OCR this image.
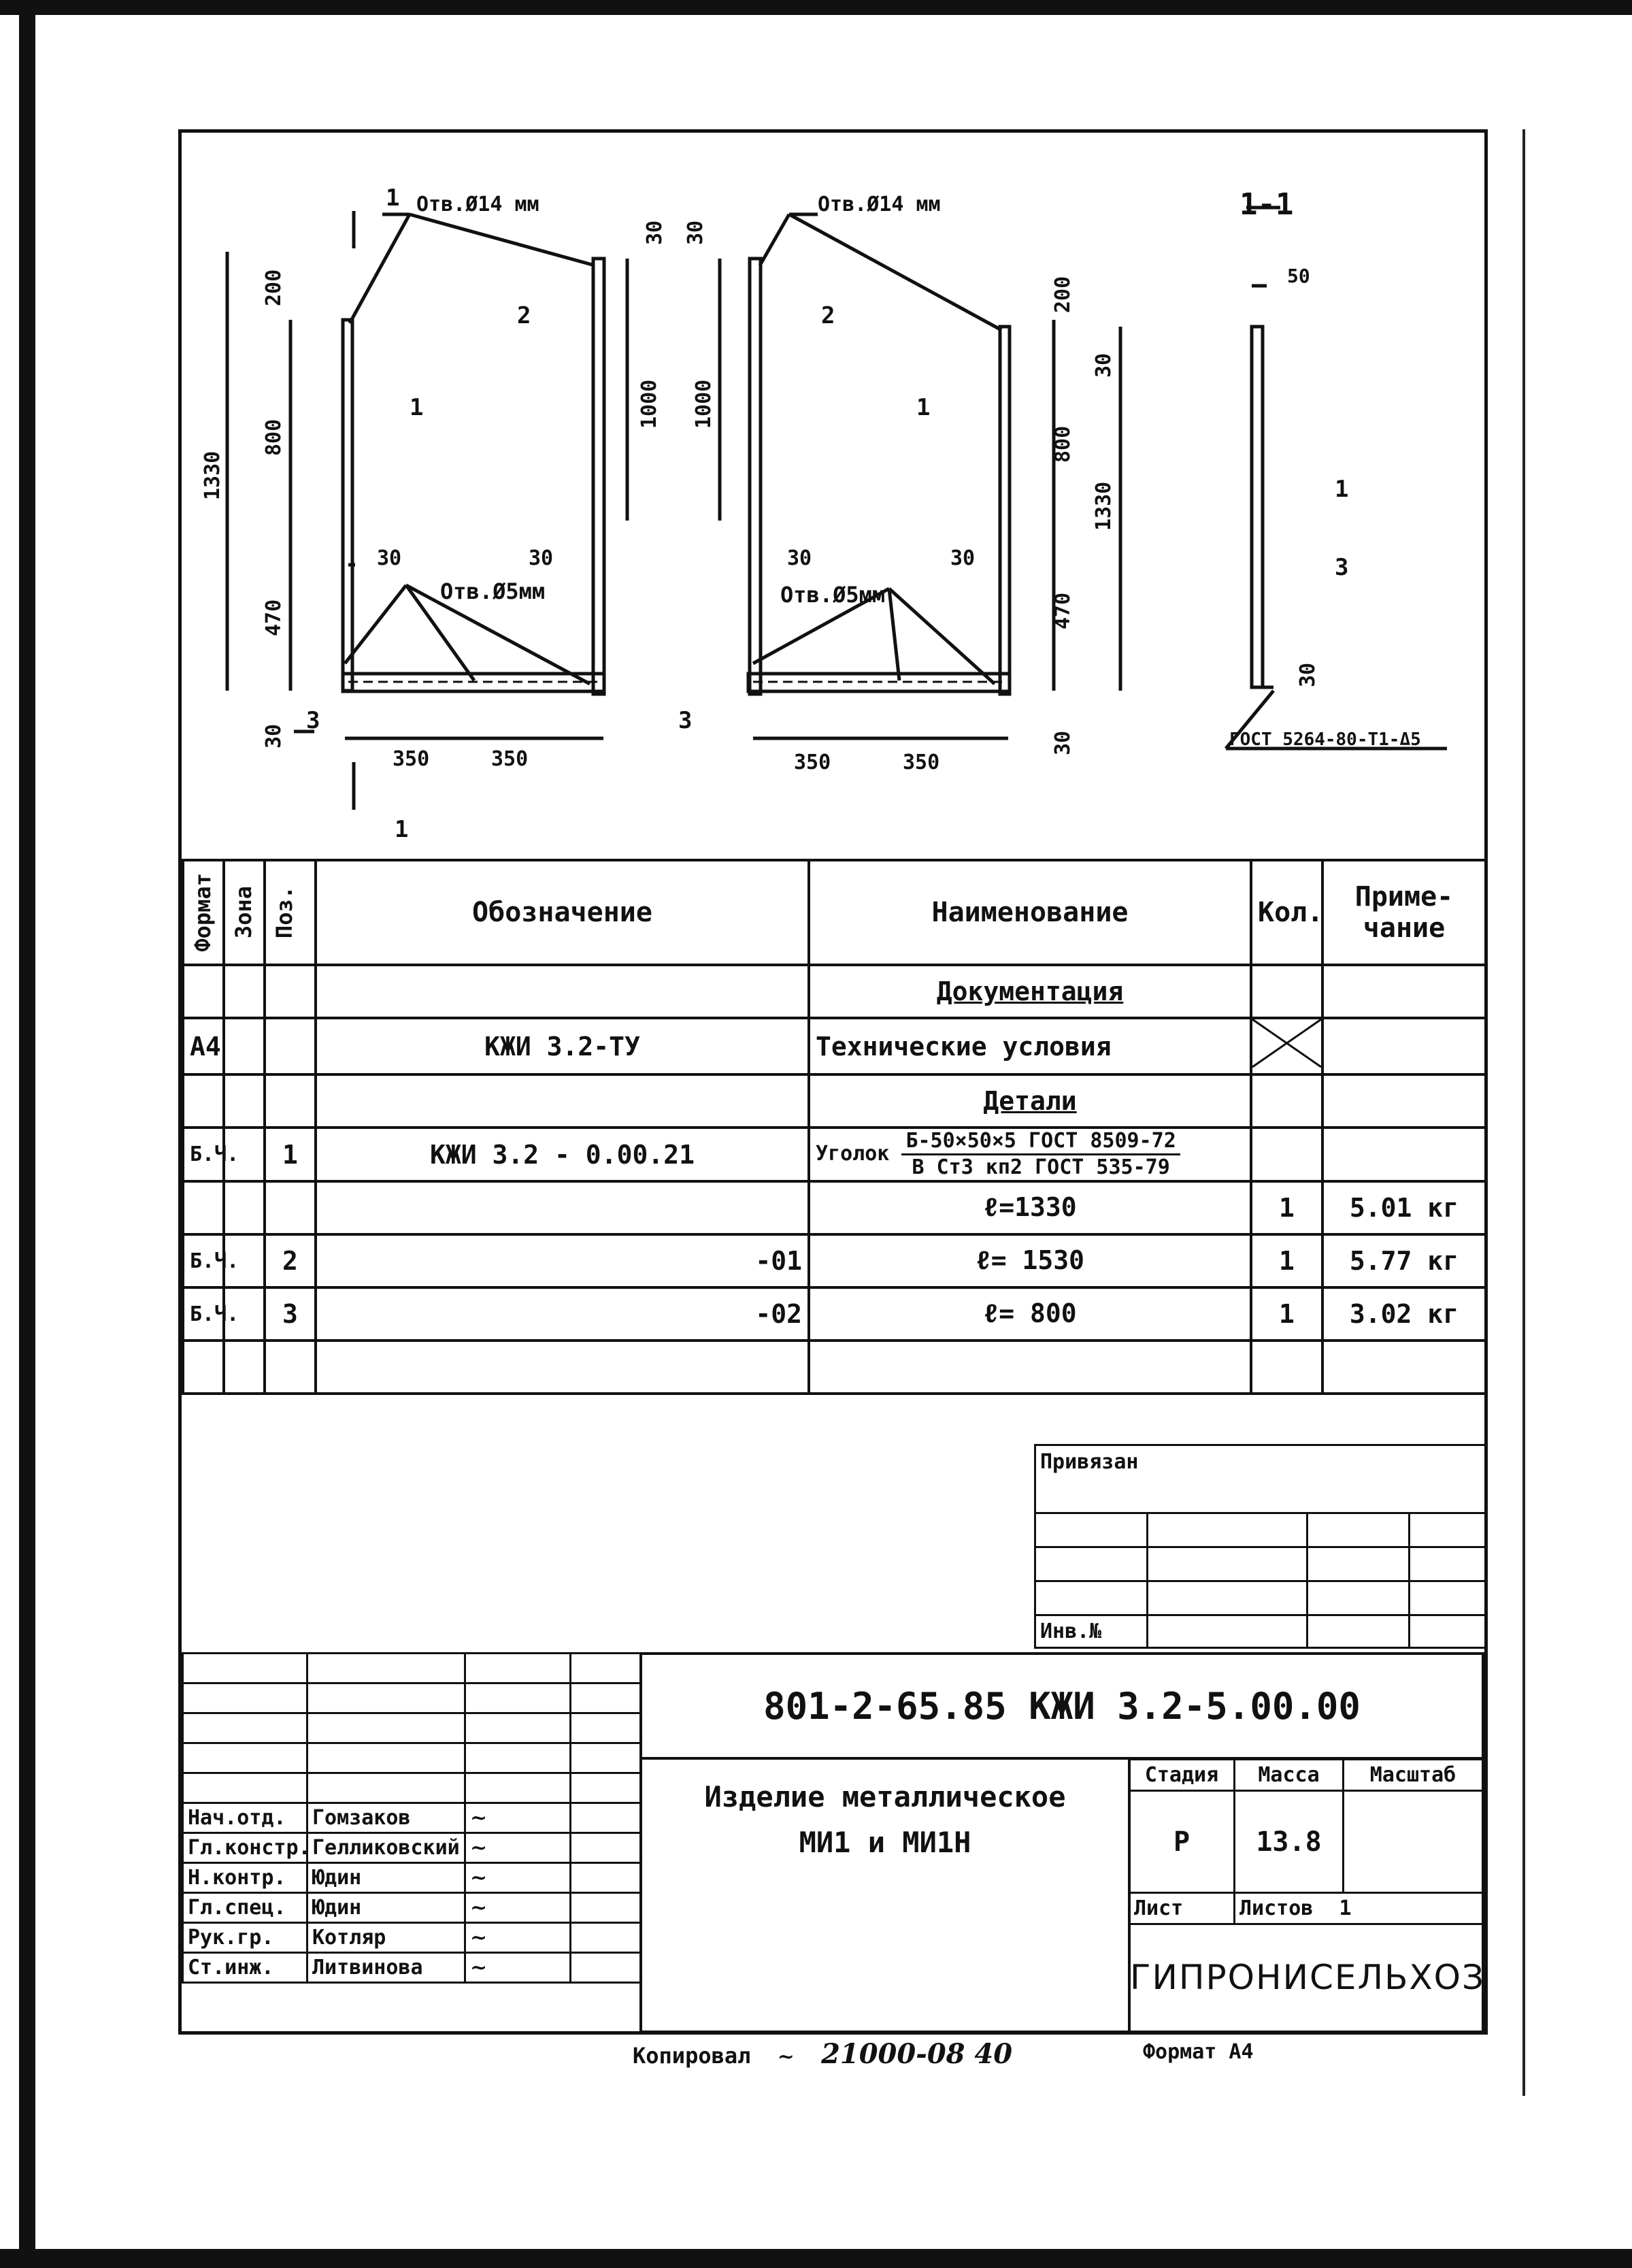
Отв.Ø14 мм	Отв.Ø14 мм
Отв.Ø5мм	Отв.Ø5мм
1-1
1
1
ГОСТ 5264-80-Т1-Δ5
2
1
3
2
1
3
1
3
50
350	350	350	350
30	30	30	30
1330
200
800
470
30
1000 1000
30 30
200
800
470
30
1330
30
30
Формат	Зона	Поз.	Обозначение	Наименование	Кол.	Приме-
чание
				Документация		
А4			КЖИ 3.2-ТУ	Технические условия		
				Детали		
Б.Ч.		1	КЖИ 3.2 - 0.00.21	Уголок $\frac{\text{Б-50×50×5 ГОСТ 8509-72}}{\text{В Ст3 кп2 ГОСТ 535-79}}$

				ℓ=1330	1	5.01 кг
Б.Ч.		2	-01	ℓ= 1530	1	5.77 кг
Б.Ч.		3	-02	ℓ= 800	1	3.02 кг

Привязан			

Инв.№			

Нач.отд.	Гомзаков	~	
Гл.констр.	Гелликовский	~	
Н.контр.	Юдин	~	
Гл.спец.	Юдин	~	
Рук.гр.	Котляр	~	
Ст.инж.	Литвинова	~	
801-2-65.85 КЖИ 3.2-5.00.00
Изделие металлическое
МИ1 и МИ1Н
Стадия	Масса	Масштаб
Р	13.8	
Лист	Листов 1	
ГИПРОНИСЕЛЬХОЗ
Копировал ~ 21000-08 40	Формат А4
